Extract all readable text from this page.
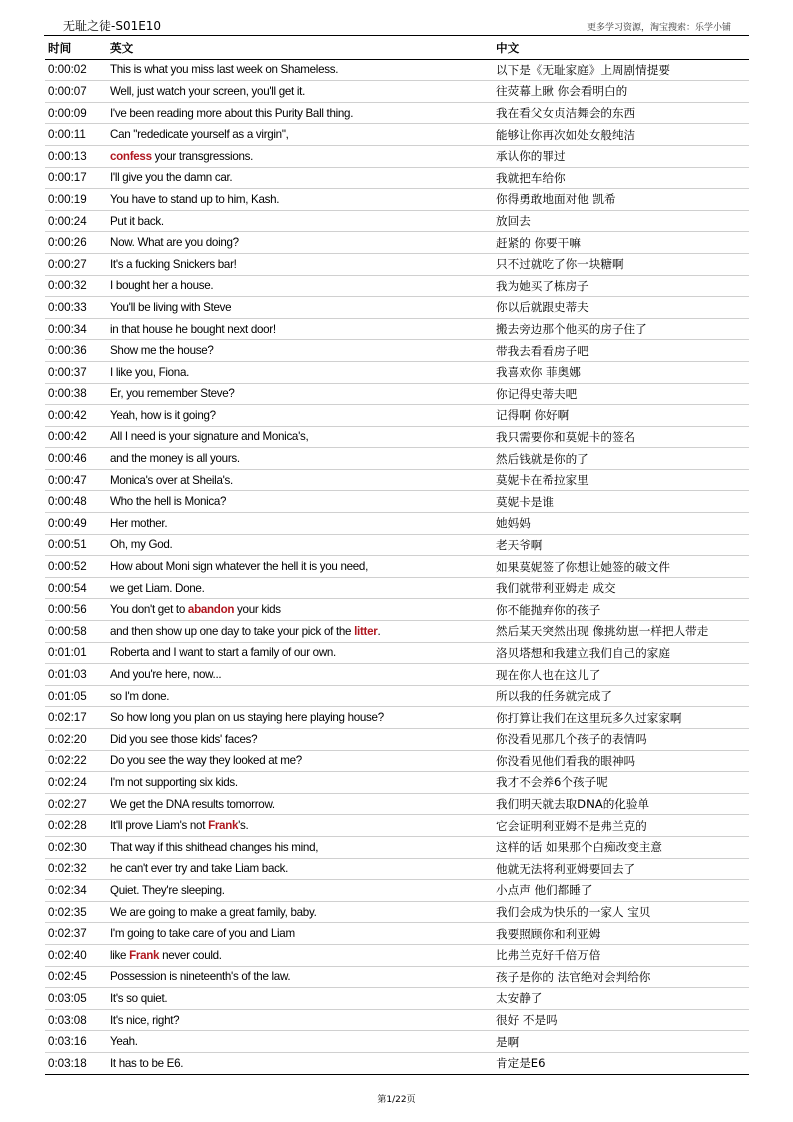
无耻之徒-S01E10	更多学习资源，淘宝搜索：乐学小铺
时间	英文	中文
0:00:02	This is what you miss last week on Shameless.	以下是《无耻家庭》上周剧情提要
0:00:07	Well, just watch your screen, you'll get it.	往荧幕上瞅 你会看明白的
0:00:09	I've been reading more about this Purity Ball thing.	我在看父女贞洁舞会的东西
0:00:11	Can "rededicate yourself as a virgin",	能够让你再次如处女般纯洁
0:00:13	confess your transgressions.	承认你的罪过
0:00:17	I'll give you the damn car.	我就把车给你
0:00:19	You have to stand up to him, Kash.	你得勇敢地面对他 凯希
0:00:24	Put it back.	放回去
0:00:26	Now. What are you doing?	赶紧的 你要干嘛
0:00:27	It's a fucking Snickers bar!	只不过就吃了你一块糖啊
0:00:32	I bought her a house.	我为她买了栋房子
0:00:33	You'll be living with Steve	你以后就跟史蒂夫
0:00:34	in that house he bought next door!	搬去旁边那个他买的房子住了
0:00:36	Show me the house?	带我去看看房子吧
0:00:37	I like you, Fiona.	我喜欢你 菲奥娜
0:00:38	Er, you remember Steve?	你记得史蒂夫吧
0:00:42	Yeah, how is it going?	记得啊 你好啊
0:00:42	All I need is your signature and Monica's,	我只需要你和莫妮卡的签名
0:00:46	and the money is all yours.	然后钱就是你的了
0:00:47	Monica's over at Sheila's.	莫妮卡在希拉家里
0:00:48	Who the hell is Monica?	莫妮卡是谁
0:00:49	Her mother.	她妈妈
0:00:51	Oh, my God.	老天爷啊
0:00:52	How about Moni sign whatever the hell it is you need,	如果莫妮签了你想让她签的破文件
0:00:54	we get Liam. Done.	我们就带利亚姆走 成交
0:00:56	You don't get to abandon your kids	你不能抛弃你的孩子
0:00:58	and then show up one day to take your pick of the litter.	然后某天突然出现 像挑幼崽一样把人带走
0:01:01	Roberta and I want to start a family of our own.	洛贝塔想和我建立我们自己的家庭
0:01:03	And you're here, now...	现在你人也在这儿了
0:01:05	so I'm done.	所以我的任务就完成了
0:02:17	So how long you plan on us staying here playing house?	你打算让我们在这里玩多久过家家啊
0:02:20	Did you see those kids' faces?	你没看见那几个孩子的表情吗
0:02:22	Do you see the way they looked at me?	你没看见他们看我的眼神吗
0:02:24	I'm not supporting six kids.	我才不会养6个孩子呢
0:02:27	We get the DNA results tomorrow.	我们明天就去取DNA的化验单
0:02:28	It'll prove Liam's not Frank's.	它会证明利亚姆不是弗兰克的
0:02:30	That way if this shithead changes his mind,	这样的话 如果那个白痴改变主意
0:02:32	he can't ever try and take Liam back.	他就无法将利亚姆要回去了
0:02:34	Quiet. They're sleeping.	小点声 他们都睡了
0:02:35	We are going to make a great family, baby.	我们会成为快乐的一家人 宝贝
0:02:37	I'm going to take care of you and Liam	我要照顾你和利亚姆
0:02:40	like Frank never could.	比弗兰克好千倍万倍
0:02:45	Possession is nineteenth's of the law.	孩子是你的 法官绝对会判给你
0:03:05	It's so quiet.	太安静了
0:03:08	It's nice, right?	很好 不是吗
0:03:16	Yeah.	是啊
0:03:18	It has to be E6.	肯定是E6
第1/22页
